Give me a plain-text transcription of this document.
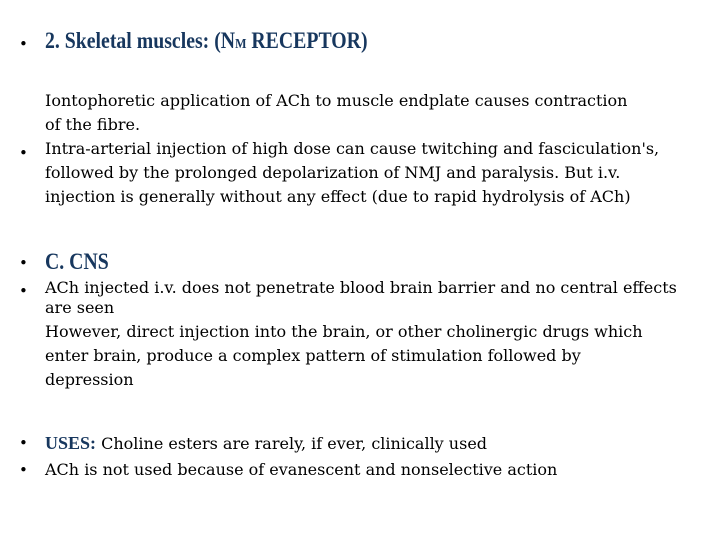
• 2. Skeletal muscles: (NM RECEPTOR)
Iontophoretic application of ACh to muscle endplate causes contraction
of the fibre.
Intra-arterial injection of high dose can cause twitching and fasciculation's,
followed by the prolonged depolarization of NMJ and paralysis. But i.v.
injection is generally without any effect (due to rapid hydrolysis of ACh)
•
• C. CNS
• ACh injected i.v. does not penetrate blood brain barrier and no central effects
are seen
However, direct injection into the brain, or other cholinergic drugs which
enter brain, produce a complex pattern of stimulation followed by
depression
• USES: Choline esters are rarely, if ever, clinically used
• ACh is not used because of evanescent and nonselective action
